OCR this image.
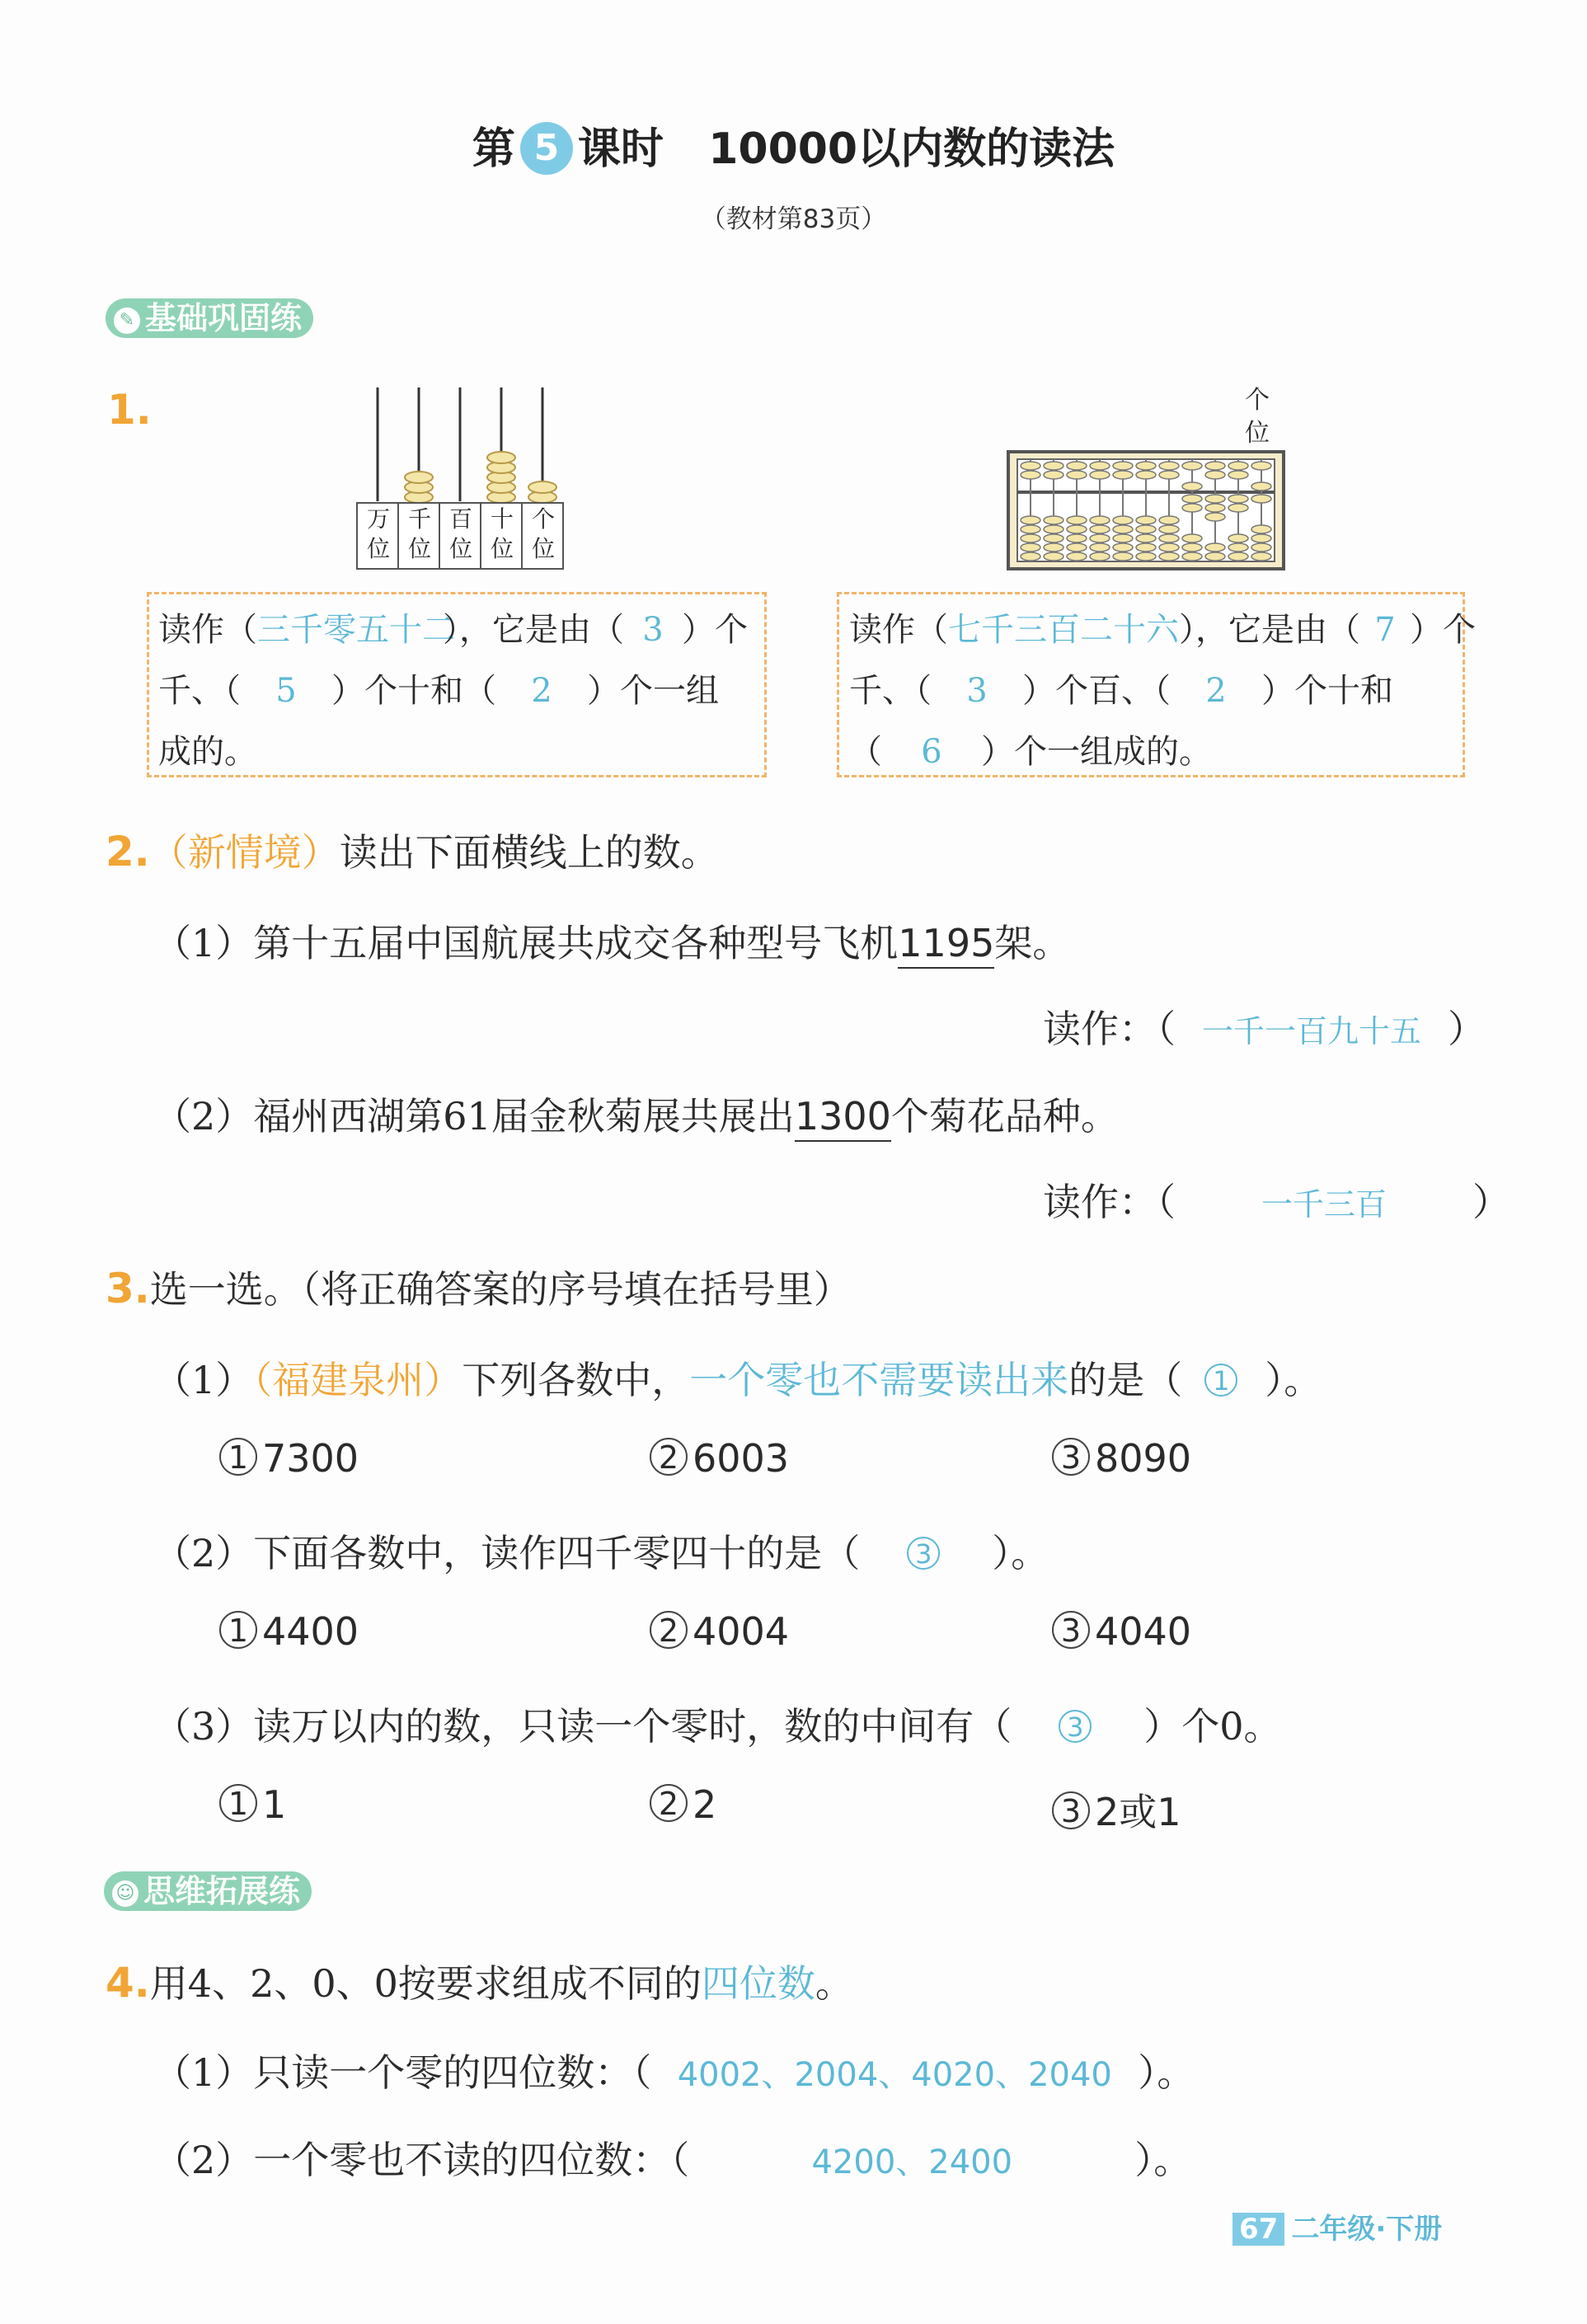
第 5 课时 10000以内数的读法
（教材第83页）
✎ 基础巩固练
1.
万位
千位
百位
十位
个位
个位
读作（三千零五十二），它是由（ 3 ）个
千、（ 5 ）个十和（ 2 ）个一组
成的。
读作（七千三百二十六），它是由（ 7 ）个
千、（ 3 ）个百、（ 2 ）个十和
（ 6 ）个一组成的。
2.（新情境）读出下面横线上的数。
（1）第十五届中国航展共成交各种型号飞机1195架。
读作：（ 一千一百九十五 ）
（2）福州西湖第61届金秋菊展共展出1300个菊花品种。
读作：（	一千三百 ）
3.选一选。（将正确答案的序号填在括号里）
（1）（福建泉州）下列各数中，一个零也不需要读出来的是（ 1 ）。
1 7300	2 6003	3 8090
（2）下面各数中，读作四千零四十的是（ 3 ）。
1 4400	2 4004	3 4040
（3）读万以内的数，只读一个零时，数的中间有（ 3 ）个0。
1 1	2 2	3 2或1
☺ 思维拓展练
4.用4、2、0、0按要求组成不同的四位数。
（1）只读一个零的四位数：（ 4002、2004、4020、2040 ）。
（2）一个零也不读的四位数：（	4200、2400	）。
67 二年级·下册
